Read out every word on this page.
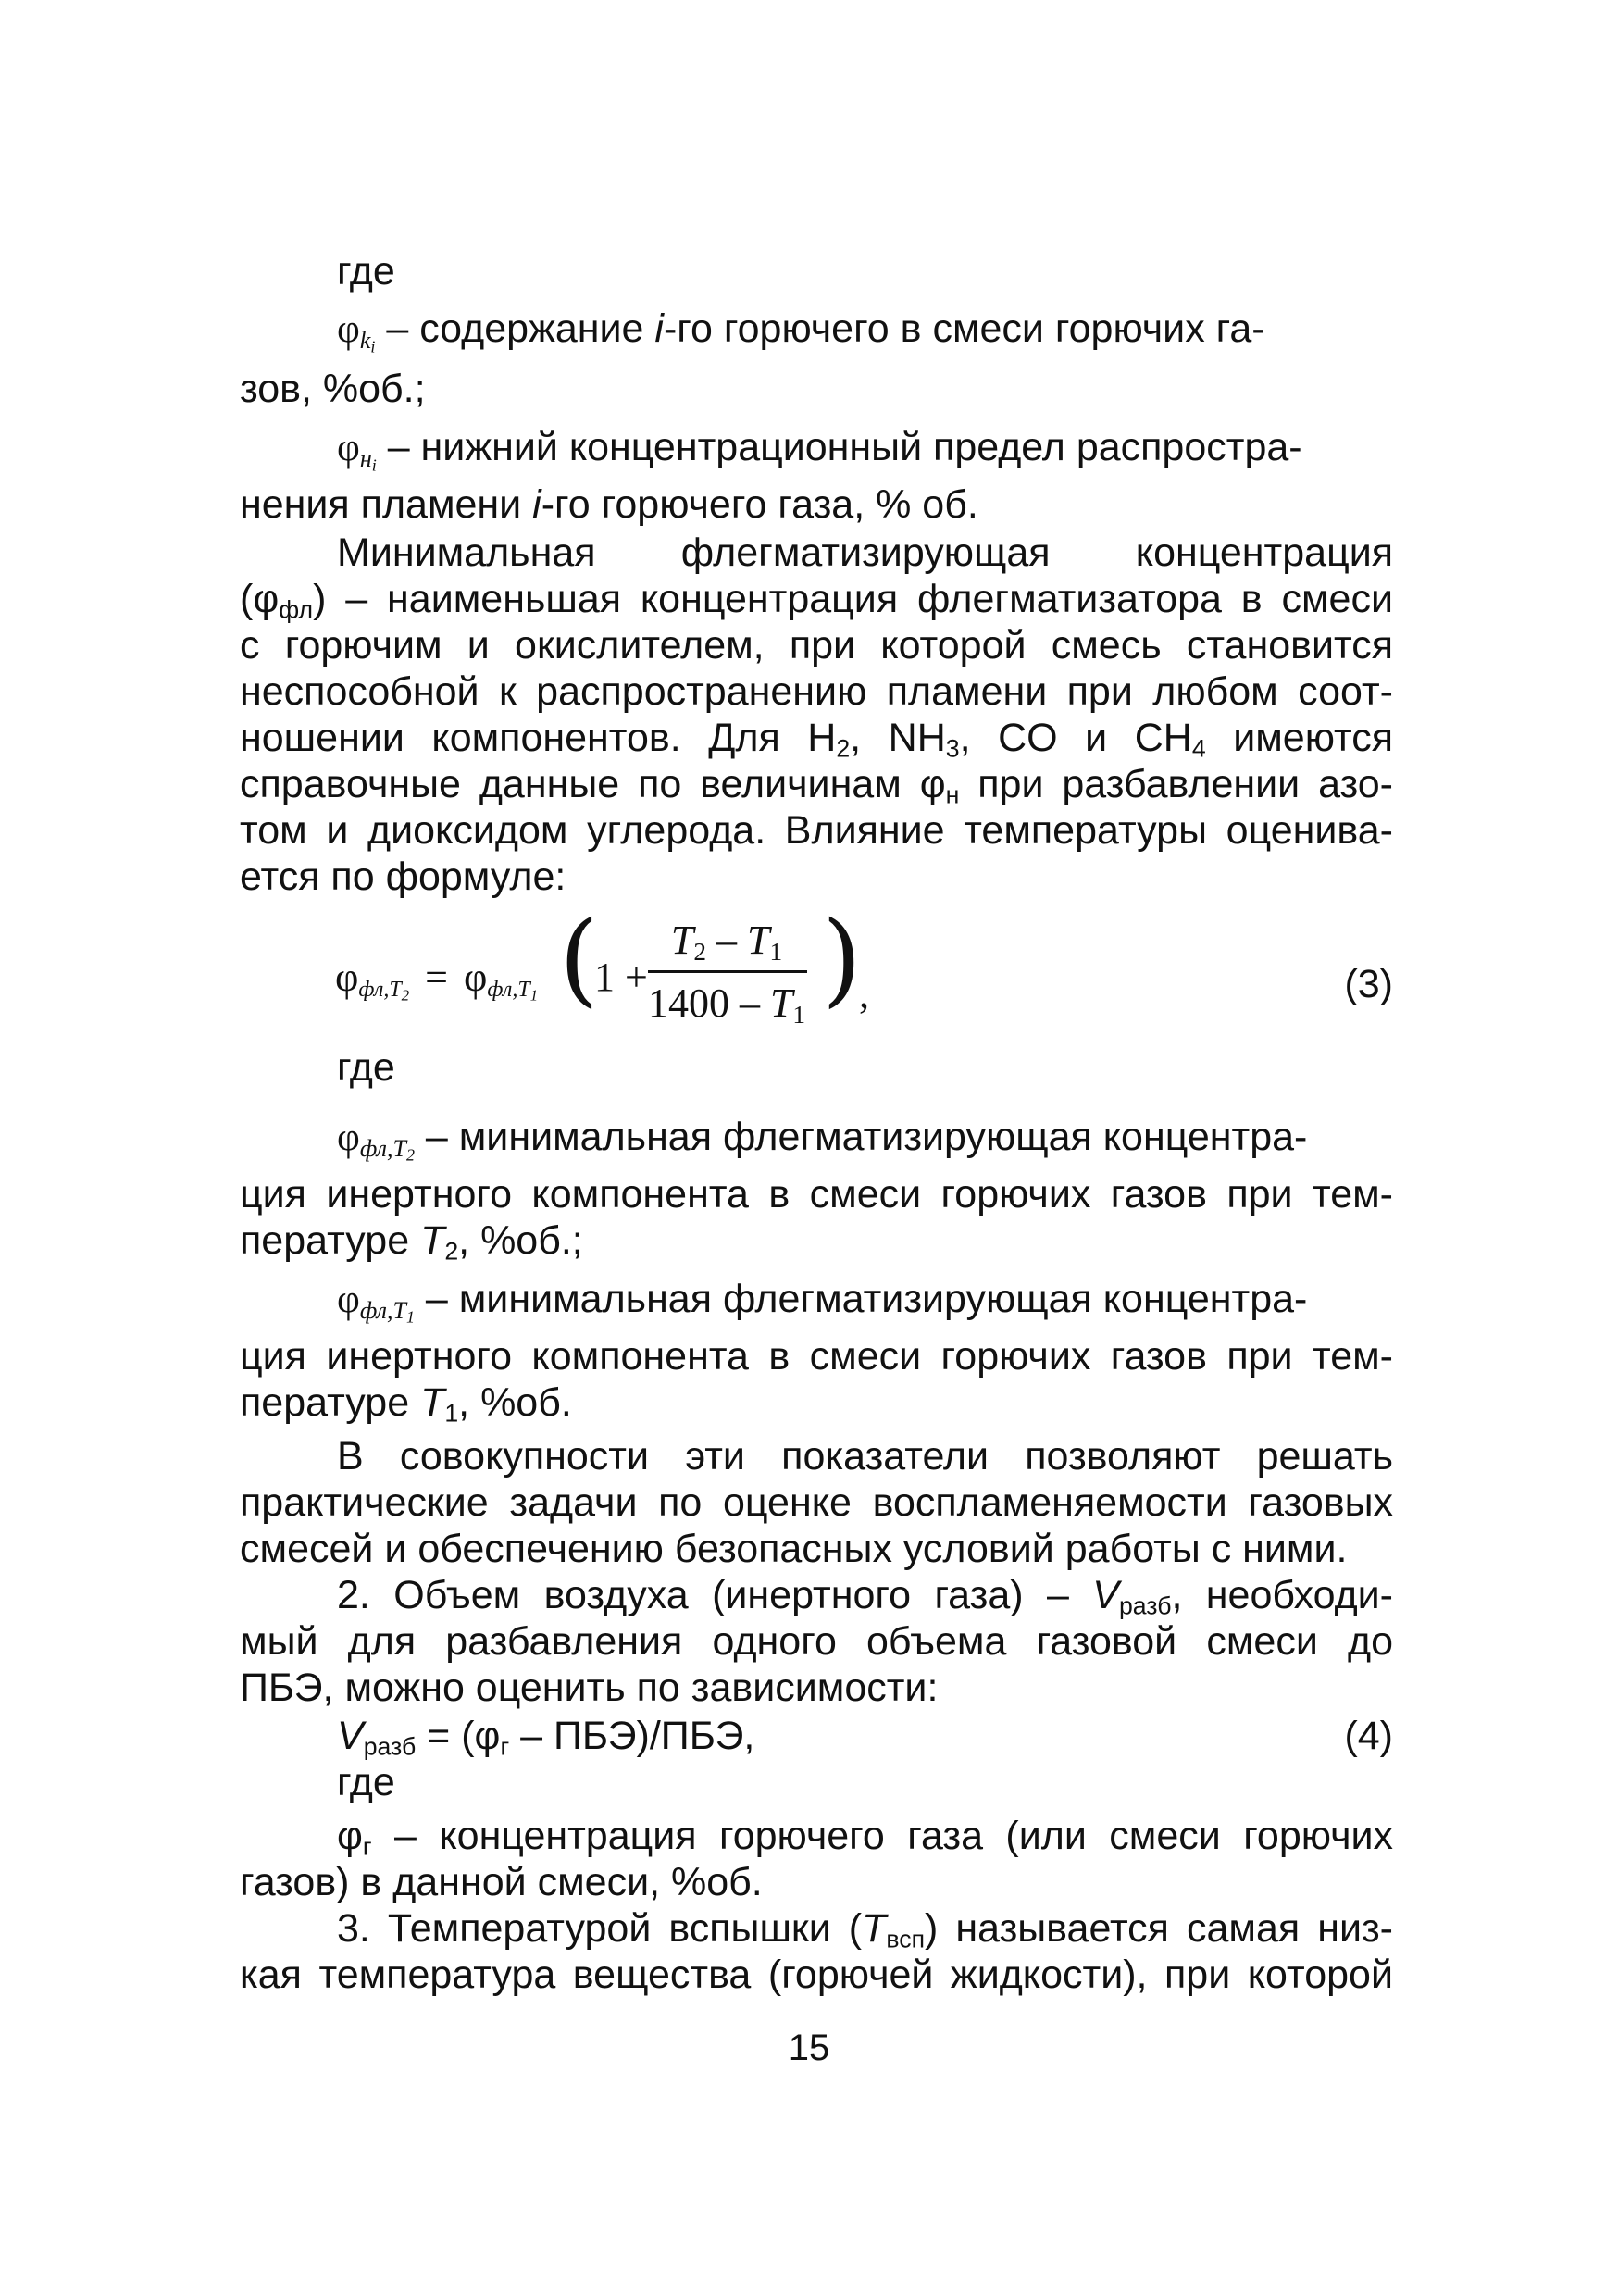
где
$\varphi_{k_i}$ – содержание i-го горючего в смеси горючих га-
зов, %об.;
$\varphi_{н_i}$ – нижний концентрационный предел распростра-
нения пламени i-го горючего газа, % об.
Минимальная флегматизирующая концентрация
$(\varphi_{фл})$ – наименьшая концентрация флегматизатора в смеси
с горючим и окислителем, при которой смесь становится
неспособной к распространению пламени при любом соот-
ношении компонентов. Для $H_2$, $NH_3$, CO и $CH_4$ имеются
справочные данные по величинам $\varphi_н$ при разбавлении азо-
том и диоксидом углерода. Влияние температуры оценива-
ется по формуле:
$\varphi_{фл,T_2} = \varphi_{фл,T_1}$ (
1 +
$T_2 - T_1$
$1400 - T_1$ )
,	(3)
где
$\varphi_{фл,T_2}$ – минимальная флегматизирующая концентра-
ция инертного компонента в смеси горючих газов при тем-
пературе $T_2$, %об.;
$\varphi_{фл,T_1}$ – минимальная флегматизирующая концентра-
ция инертного компонента в смеси горючих газов при тем-
пературе $T_1$, %об.
В совокупности эти показатели позволяют решать
практические задачи по оценке воспламеняемости газовых
смесей и обеспечению безопасных условий работы с ними.
2. Объем воздуха (инертного газа) – $V_{разб}$, необходи-
мый для разбавления одного объема газовой смеси до
ПБЭ, можно оценить по зависимости:
$V_{разб} = (\varphi_г - ПБЭ)/ПБЭ$,	(4)
где
$\varphi_г$ – концентрация горючего газа (или смеси горючих
газов) в данной смеси, %об.
3. Температурой вспышки $(T_{всп})$ называется самая низ-
кая температура вещества (горючей жидкости), при которой
15
